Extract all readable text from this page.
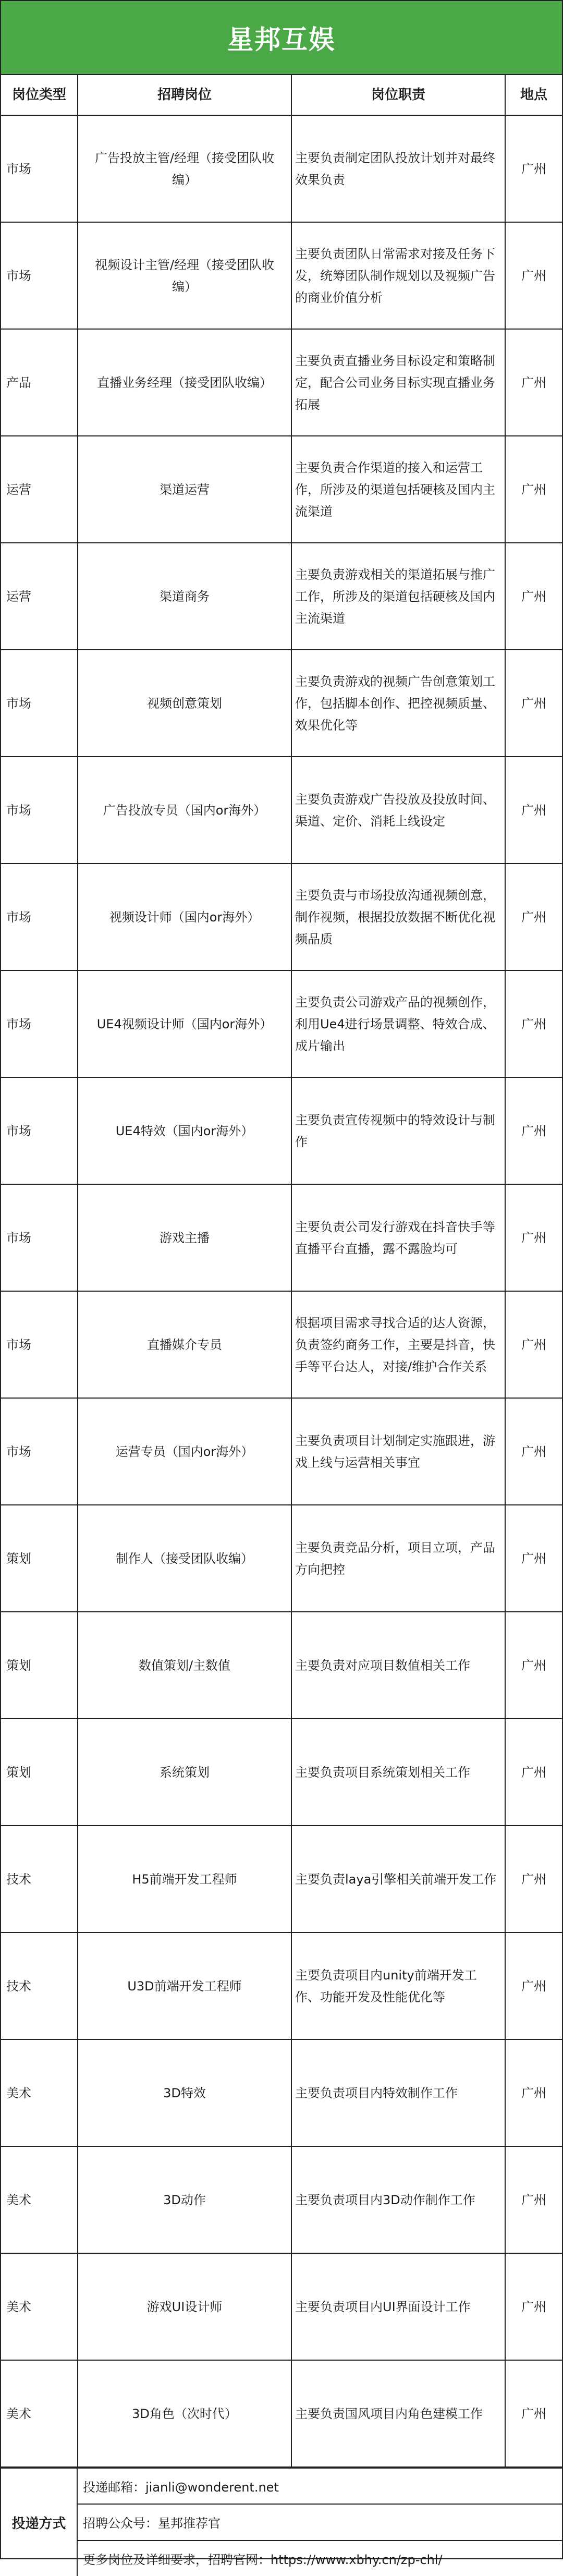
星邦互娱
岗位类型	招聘岗位	岗位职责	地点
市场	广告投放主管/经理（接受团队收编）	主要负责制定团队投放计划并对最终效果负责	广州
市场	视频设计主管/经理（接受团队收编）	主要负责团队日常需求对接及任务下发，统筹团队制作规划以及视频广告的商业价值分析	广州
产品	直播业务经理（接受团队收编）	主要负责直播业务目标设定和策略制定，配合公司业务目标实现直播业务拓展	广州
运营	渠道运营	主要负责合作渠道的接入和运营工作，所涉及的渠道包括硬核及国内主流渠道	广州
运营	渠道商务	主要负责游戏相关的渠道拓展与推广工作，所涉及的渠道包括硬核及国内主流渠道	广州
市场	视频创意策划	主要负责游戏的视频广告创意策划工作，包括脚本创作、把控视频质量、效果优化等	广州
市场	广告投放专员（国内or海外）	主要负责游戏广告投放及投放时间、渠道、定价、消耗上线设定	广州
市场	视频设计师（国内or海外）	主要负责与市场投放沟通视频创意，制作视频，根据投放数据不断优化视频品质	广州
市场	UE4视频设计师（国内or海外）	主要负责公司游戏产品的视频创作，利用Ue4进行场景调整、特效合成、成片输出	广州
市场	UE4特效（国内or海外）	主要负责宣传视频中的特效设计与制作	广州
市场	游戏主播	主要负责公司发行游戏在抖音快手等直播平台直播，露不露脸均可	广州
市场	直播媒介专员	根据项目需求寻找合适的达人资源，负责签约商务工作，主要是抖音，快手等平台达人，对接/维护合作关系	广州
市场	运营专员（国内or海外）	主要负责项目计划制定实施跟进，游戏上线与运营相关事宜	广州
策划	制作人（接受团队收编）	主要负责竞品分析，项目立项，产品方向把控	广州
策划	数值策划/主数值	主要负责对应项目数值相关工作	广州
策划	系统策划	主要负责项目系统策划相关工作	广州
技术	H5前端开发工程师	主要负责laya引擎相关前端开发工作	广州
技术	U3D前端开发工程师	主要负责项目内unity前端开发工作、功能开发及性能优化等	广州
美术	3D特效	主要负责项目内特效制作工作	广州
美术	3D动作	主要负责项目内3D动作制作工作	广州
美术	游戏UI设计师	主要负责项目内UI界面设计工作	广州
美术	3D角色（次时代）	主要负责国风项目内角色建模工作	广州
投递方式
投递邮箱：jianli@wonderent.net
招聘公众号：星邦推荐官
更多岗位及详细要求，招聘官网：https://www.xbhy.cn/zp-chl/
